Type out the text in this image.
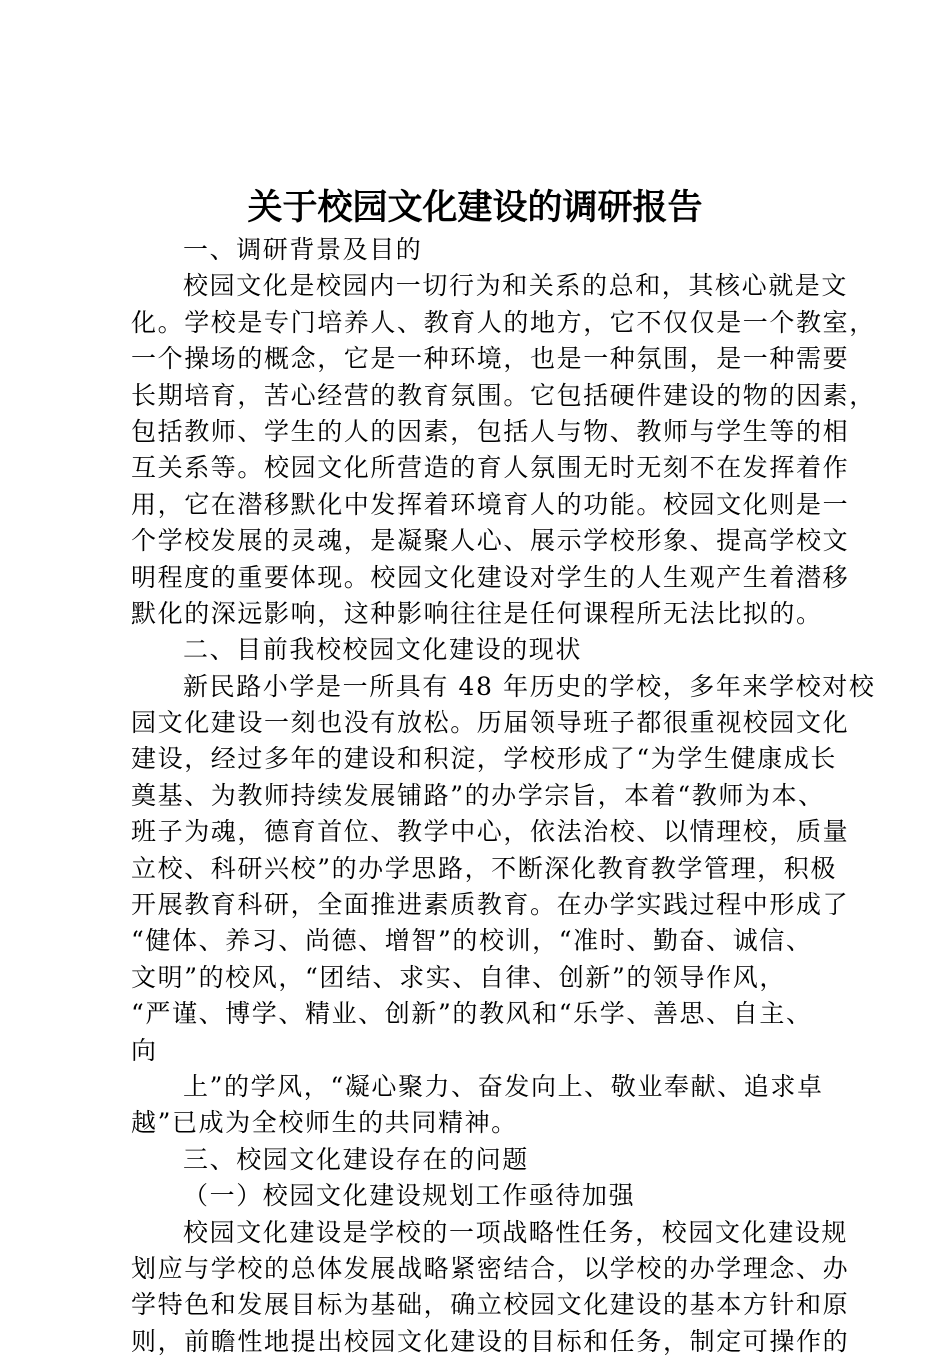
关于校园文化建设的调研报告
一、调研背景及目的
校园文化是校园内一切行为和关系的总和，其核心就是文
化。学校是专门培养人、教育人的地方，它不仅仅是一个教室，
一个操场的概念，它是一种环境，也是一种氛围，是一种需要
长期培育，苦心经营的教育氛围。它包括硬件建设的物的因素，
包括教师、学生的人的因素，包括人与物、教师与学生等的相
互关系等。校园文化所营造的育人氛围无时无刻不在发挥着作
用，它在潜移默化中发挥着环境育人的功能。校园文化则是一
个学校发展的灵魂，是凝聚人心、展示学校形象、提高学校文
明程度的重要体现。校园文化建设对学生的人生观产生着潜移
默化的深远影响，这种影响往往是任何课程所无法比拟的。
二、目前我校校园文化建设的现状
新民路小学是一所具有 48 年历史的学校，多年来学校对校
园文化建设一刻也没有放松。历届领导班子都很重视校园文化
建设，经过多年的建设和积淀，学校形成了“为学生健康成长
奠基、为教师持续发展铺路”的办学宗旨，本着“教师为本、
班子为魂，德育首位、教学中心，依法治校、以情理校，质量
立校、科研兴校”的办学思路，不断深化教育教学管理，积极
开展教育科研，全面推进素质教育。在办学实践过程中形成了
“健体、养习、尚德、增智”的校训，“准时、勤奋、诚信、
文明”的校风，“团结、求实、自律、创新”的领导作风，
“严谨、博学、精业、创新”的教风和“乐学、善思、自主、
向
上”的学风，“凝心聚力、奋发向上、敬业奉献、追求卓
越”已成为全校师生的共同精神。
三、校园文化建设存在的问题
（一）校园文化建设规划工作亟待加强
校园文化建设是学校的一项战略性任务，校园文化建设规
划应与学校的总体发展战略紧密结合，以学校的办学理念、办
学特色和发展目标为基础，确立校园文化建设的基本方针和原
则，前瞻性地提出校园文化建设的目标和任务，制定可操作的
